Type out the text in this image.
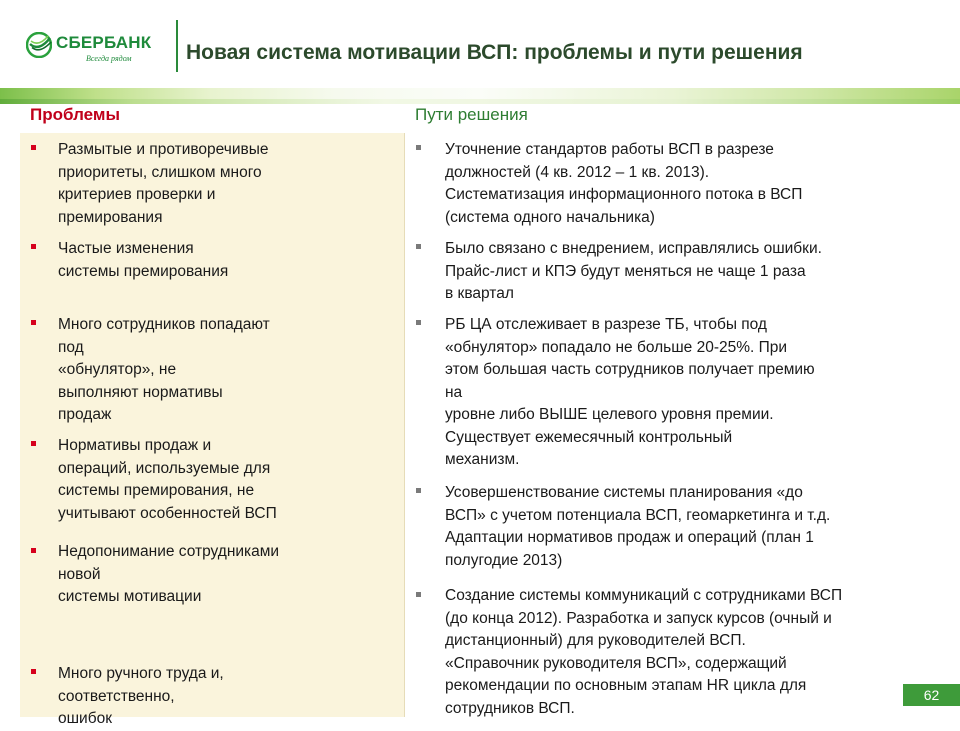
СБЕРБАНК
Всегда рядом	Новая система мотивации ВСП: проблемы и пути решения
Проблемы	Пути решения
Размытые и противоречивые
приоритеты, слишком много
критериев проверки и
премирования
Частые изменения
системы премирования
Много сотрудников попадают
под
«обнулятор», не
выполняют нормативы
продаж
Нормативы продаж и
операций, используемые для
системы премирования, не
учитывают особенностей ВСП
Недопонимание сотрудниками
новой
системы мотивации
Много ручного труда и,
соответственно,
ошибок
Уточнение стандартов работы ВСП в разрезе
должностей (4 кв. 2012 – 1 кв. 2013).
Систематизация информационного потока в ВСП
(система одного начальника)
Было связано с внедрением, исправлялись ошибки.
Прайс-лист и КПЭ будут меняться не чаще 1 раза
в квартал
РБ ЦА отслеживает в разрезе ТБ, чтобы под
«обнулятор» попадало не больше 20-25%. При
этом большая часть сотрудников получает премию
на
уровне либо ВЫШЕ целевого уровня премии.
Существует ежемесячный контрольный
механизм.
Усовершенствование системы планирования «до
ВСП» с учетом потенциала ВСП, геомаркетинга и т.д.
Адаптации нормативов продаж и операций (план 1
полугодие 2013)
Создание системы коммуникаций с сотрудниками ВСП
(до конца 2012). Разработка и запуск курсов (очный и
дистанционный) для руководителей ВСП.
«Справочник руководителя ВСП», содержащий
рекомендации по основным этапам HR цикла для
сотрудников ВСП.
62
